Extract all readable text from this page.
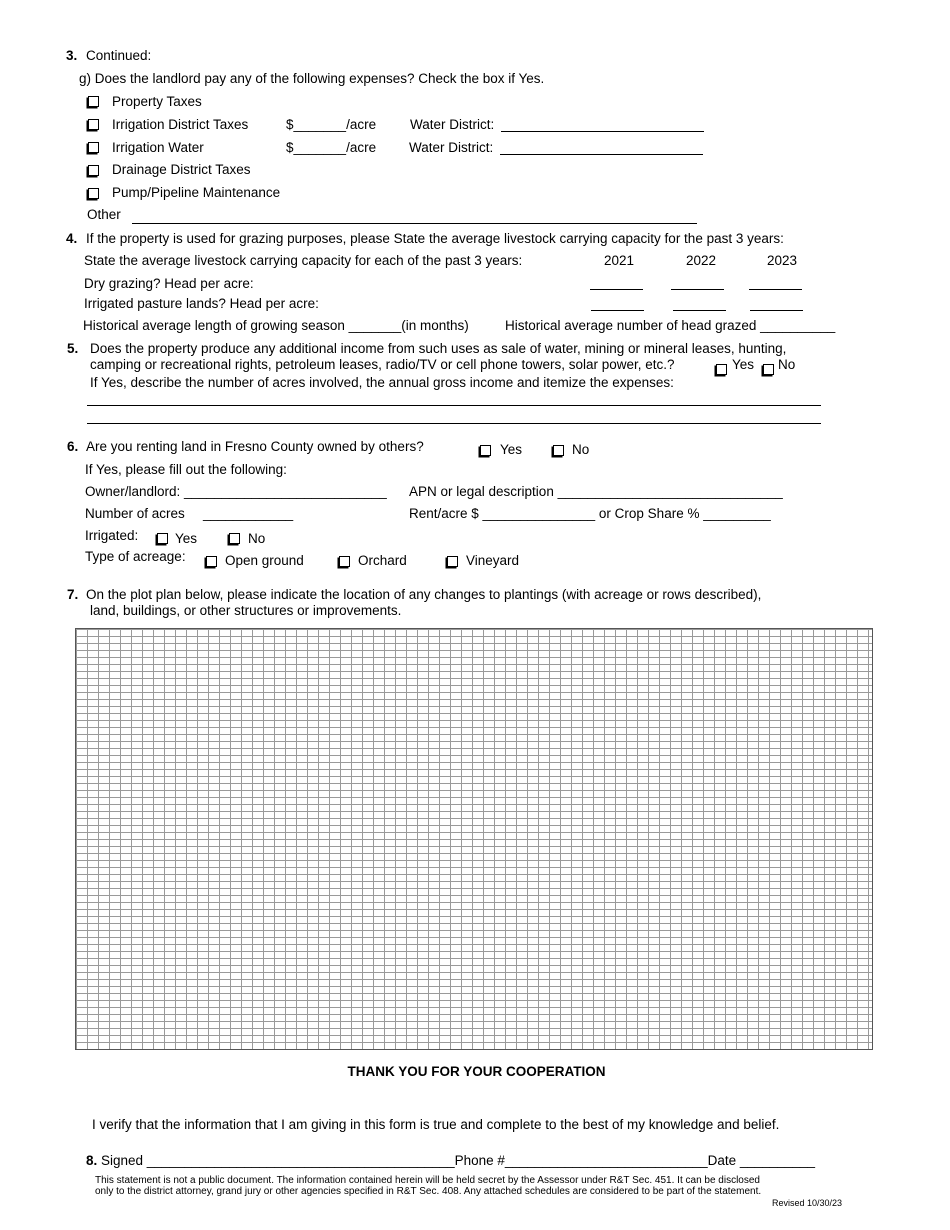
3. Continued:
g) Does the landlord pay any of the following expenses? Check the box if Yes.
Property Taxes
Irrigation District Taxes	$_______/acre	Water District:
Irrigation Water	$_______/acre Water District:
Drainage District Taxes
Pump/Pipeline Maintenance
Other
4. If the property is used for grazing purposes, please State the average livestock carrying capacity for the past 3 years:
State the average livestock carrying capacity for each of the past 3 years:	2021	2022	2023
Dry grazing? Head per acre:
Irrigated pasture lands? Head per acre:
Historical average length of growing season _______(in months)	Historical average number of head grazed __________
5. Does the property produce any additional income from such uses as sale of water, mining or mineral leases, hunting,
camping or recreational rights, petroleum leases, radio/TV or cell phone towers, solar power, etc.?	Yes No
If Yes, describe the number of acres involved, the annual gross income and itemize the expenses:
6. Are you renting land in Fresno County owned by others?	Yes	No
If Yes, please fill out the following:
Owner/landlord: ___________________________ APN or legal description ______________________________
Number of acres ____________	Rent/acre $ _______________ or Crop Share % _________
Irrigated:	Yes	No
Type of acreage:	Open ground	Orchard	Vineyard
7. On the plot plan below, please indicate the location of any changes to plantings (with acreage or rows described),
land, buildings, or other structures or improvements.
THANK YOU FOR YOUR COOPERATION
I verify that the information that I am giving in this form is true and complete to the best of my knowledge and belief.
8. Signed _________________________________________Phone #___________________________Date __________
This statement is not a public document. The information contained herein will be held secret by the Assessor under R&T Sec. 451. It can be disclosed
only to the district attorney, grand jury or other agencies specified in R&T Sec. 408. Any attached schedules are considered to be part of the statement.
Revised 10/30/23
